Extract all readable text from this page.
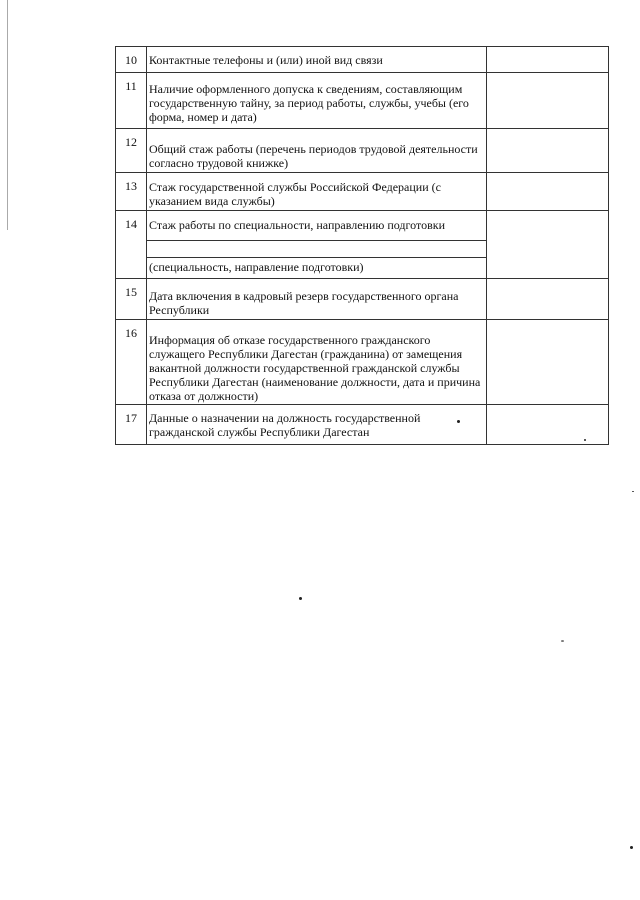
10	Контактные телефоны и (или) иной вид связи	

11	Наличие оформленного допуска к сведениям, составляющим государственную тайну, за период работы, службы, учебы (его форма, номер и дата)	

12	Общий стаж работы (перечень периодов трудовой деятельности согласно трудовой книжке)	

13	Стаж государственной службы Российской Федерации (с указанием вида службы)	

14	Стаж работы по специальности, направлению подготовки
(специальность, направление подготовки)	

15	Дата включения в кадровый резерв государственного органа Республики	

16	Информация об отказе государственного гражданского служащего Республики Дагестан (гражданина) от замещения вакантной должности государственной гражданской службы Республики Дагестан (наименование должности, дата и причина отказа от должности)	

17	Данные о назначении на должность государственной гражданской службы Республики Дагестан	
